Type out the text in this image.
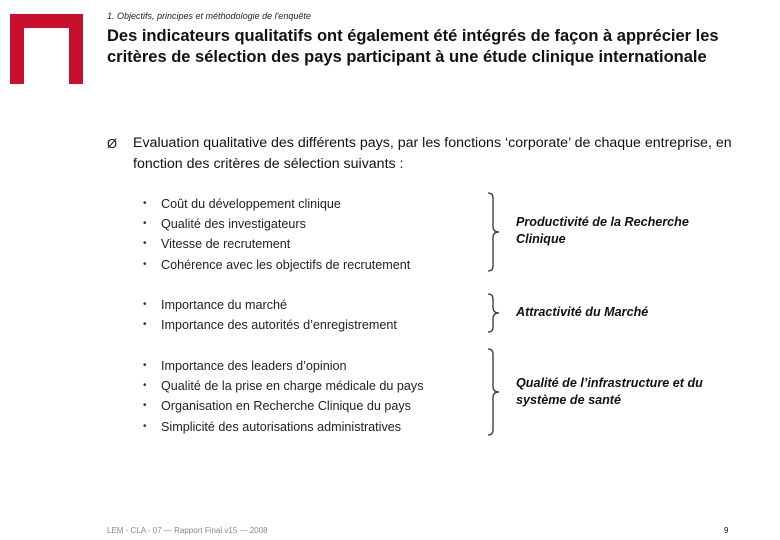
1. Objectifs, principes et méthodologie de l'enquête
Des indicateurs qualitatifs ont également été intégrés de façon à apprécier les critères de sélection des pays participant à une étude clinique internationale
Ø Evaluation qualitative des différents pays, par les fonctions ‘corporate’ de chaque entreprise, en fonction des critères de sélection suivants :
• Coût du développement clinique
• Qualité des investigateurs
• Vitesse de recrutement
• Cohérence avec les objectifs de recrutement
• Importance du marché
• Importance des autorités d’enregistrement
• Importance des leaders d’opinion
• Qualité de la prise en charge médicale du pays
• Organisation en Recherche Clinique du pays
• Simplicité des autorisations administratives
Productivité de la Recherche Clinique
Attractivité du Marché
Qualité de l’infrastructure et du système de santé
LEM - CLA - 07 — Rapport Final v15 — 2008	9
